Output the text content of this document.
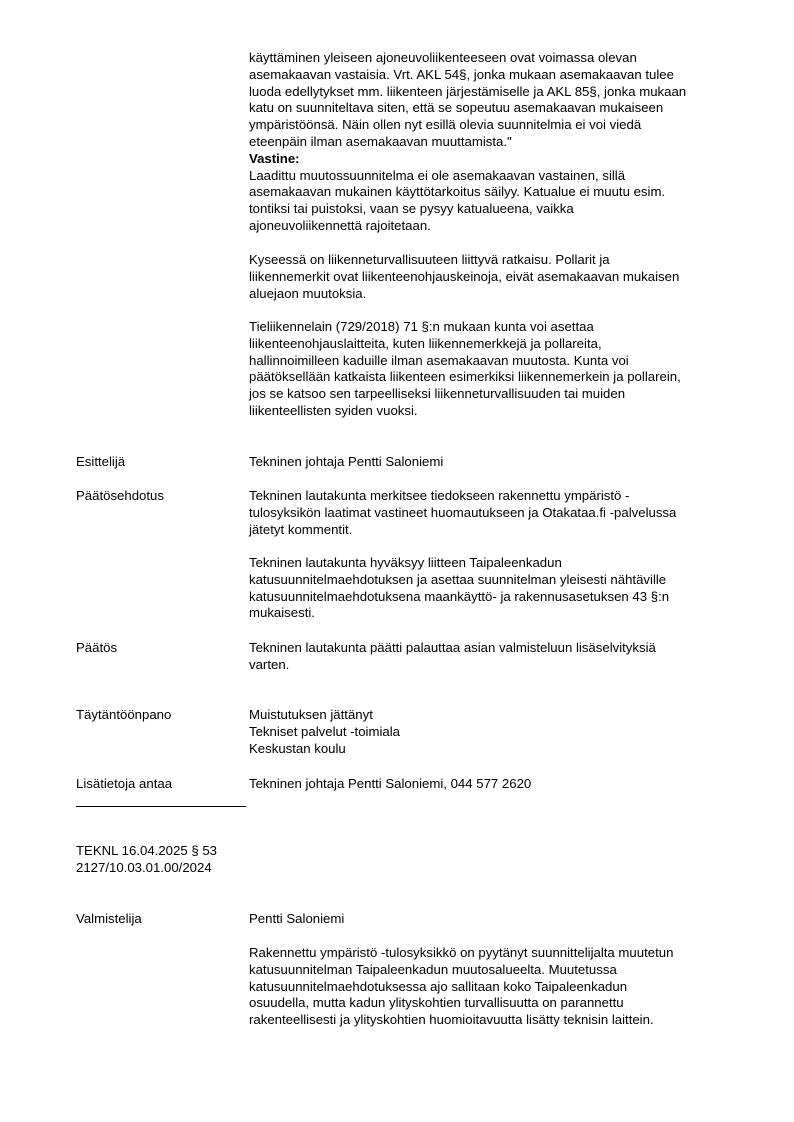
käyttäminen yleiseen ajoneuvoliikenteeseen ovat voimassa olevan
asemakaavan vastaisia. Vrt. AKL 54§, jonka mukaan asemakaavan tulee
luoda edellytykset mm. liikenteen järjestämiselle ja AKL 85§, jonka mukaan
katu on suunniteltava siten, että se sopeutuu asemakaavan mukaiseen
ympäristöönsä. Näin ollen nyt esillä olevia suunnitelmia ei voi viedä
eteenpäin ilman asemakaavan muuttamista."
Vastine:
Laadittu muutossuunnitelma ei ole asemakaavan vastainen, sillä
asemakaavan mukainen käyttötarkoitus säilyy. Katualue ei muutu esim.
tontiksi tai puistoksi, vaan se pysyy katualueena, vaikka
ajoneuvoliikennettä rajoitetaan.
Kyseessä on liikenneturvallisuuteen liittyvä ratkaisu. Pollarit ja
liikennemerkit ovat liikenteenohjauskeinoja, eivät asemakaavan mukaisen
aluejaon muutoksia.
Tieliikennelain (729/2018) 71 §:n mukaan kunta voi asettaa
liikenteenohjauslaitteita, kuten liikennemerkkejä ja pollareita,
hallinnoimilleen kaduille ilman asemakaavan muutosta. Kunta voi
päätöksellään katkaista liikenteen esimerkiksi liikennemerkein ja pollarein,
jos se katsoo sen tarpeelliseksi liikenneturvallisuuden tai muiden
liikenteellisten syiden vuoksi.

Esittelijä	Tekninen johtaja Pentti Saloniemi

Päätösehdotus	Tekninen lautakunta merkitsee tiedokseen rakennettu ympäristö -
tulosyksikön laatimat vastineet huomautukseen ja Otakataa.fi -palvelussa
jätetyt kommentit.
Tekninen lautakunta hyväksyy liitteen Taipaleenkadun
katusuunnitelmaehdotuksen ja asettaa suunnitelman yleisesti nähtäville
katusuunnitelmaehdotuksena maankäyttö- ja rakennusasetuksen 43 §:n
mukaisesti.

Päätös	Tekninen lautakunta päätti palauttaa asian valmisteluun lisäselvityksiä
varten.

Täytäntöönpano	Muistutuksen jättänyt
Tekniset palvelut -toimiala
Keskustan koulu

Lisätietoja antaa	Tekninen johtaja Pentti Saloniemi, 044 577 2620

TEKNL 16.04.2025 § 53
2127/10.03.01.00/2024

Valmistelija	Pentti Saloniemi

Rakennettu ympäristö -tulosyksikkö on pyytänyt suunnittelijalta muutetun
katusuunnitelman Taipaleenkadun muutosalueelta. Muutetussa
katusuunnitelmaehdotuksessa ajo sallitaan koko Taipaleenkadun
osuudella, mutta kadun ylityskohtien turvallisuutta on parannettu
rakenteellisesti ja ylityskohtien huomioitavuutta lisätty teknisin laittein.
